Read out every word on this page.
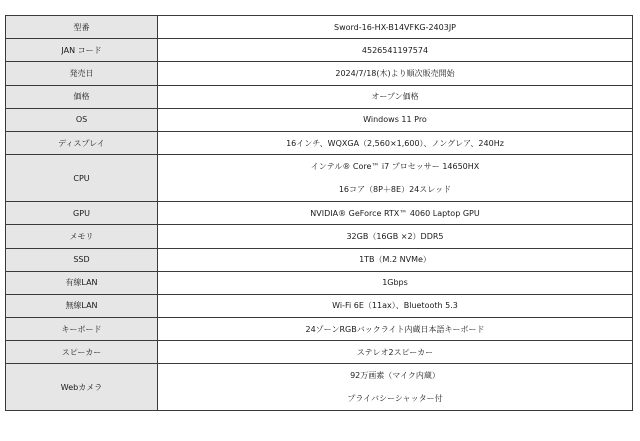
型番	Sword-16-HX-B14VFKG-2403JP
JAN コード	4526541197574
発売日	2024/7/18(木)より順次販売開始
価格	オープン価格
OS	Windows 11 Pro
ディスプレイ	16インチ、WQXGA（2,560×1,600）、ノングレア、240Hz
CPU	インテル® Core™ i7 プロセッサー 14650HX
16コア（8P＋8E）24スレッド

GPU	NVIDIA® GeForce RTX™ 4060 Laptop GPU
メモリ	32GB（16GB ×2）DDR5
SSD	1TB（M.2 NVMe）
有線LAN	1Gbps
無線LAN	Wi-Fi 6E（11ax）、Bluetooth 5.3
キーボード	24ゾーンRGBバックライト内蔵日本語キーボード
スピーカー	ステレオ2スピーカー
Webカメラ	92万画素（マイク内蔵）
プライバシーシャッター付
